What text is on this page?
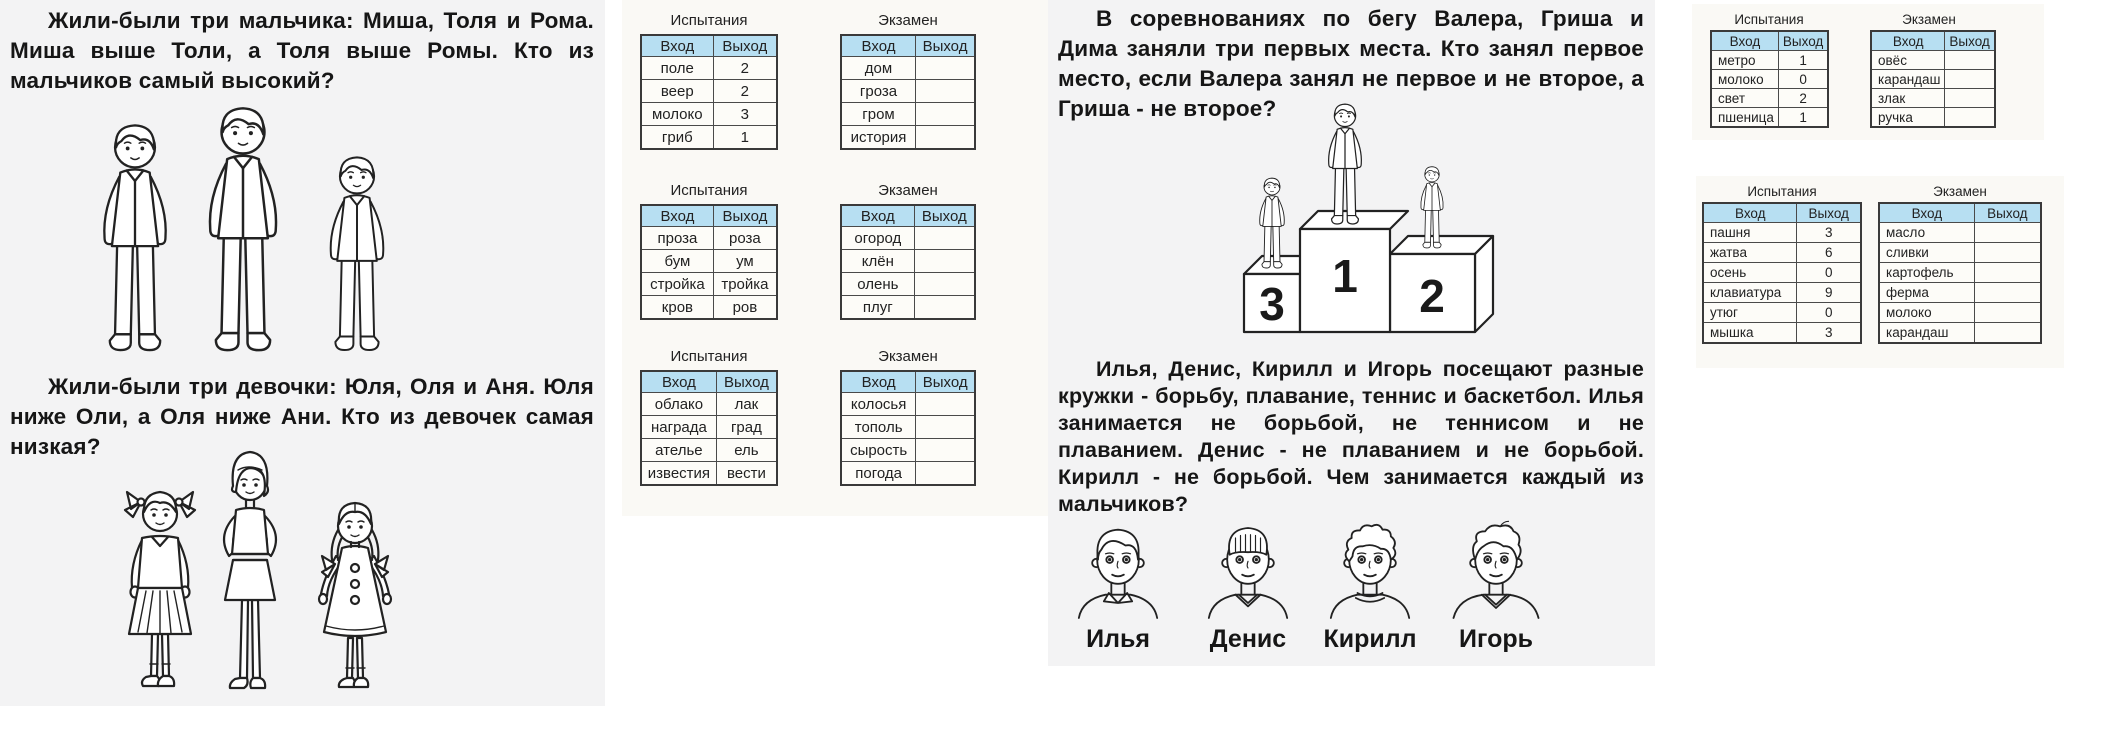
Жили-были три мальчика: Миша, Толя и Рома. Миша выше Толи, а Толя выше Ромы. Кто из мальчиков самый высокий?

Жили-были три девочки: Юля, Оля и Аня. Юля ниже Оли, а Оля ниже Ани. Кто из девочек самая низкая?

Испытания
Вход	Выход
поле	2
веер	2
молоко	3
гриб	1
Экзамен
Вход	Выход
дом	
гроза	
гром	
история	
Испытания
Вход	Выход
проза	роза
бум	ум
стройка	тройка
кров	ров
Экзамен
Вход	Выход
огород	
клён	
олень	
плуг	
Испытания
Вход	Выход
облако	лак
награда	град
ателье	ель
известия	вести
Экзамен
Вход	Выход
колосья	
тополь	
сырость	
погода	

В соревнованиях по бегу Валера, Гриша и Дима заняли три первых места. Кто занял первое место, если Валера занял не первое и не второе, а Гриша - не второе?

3
1 2

Илья, Денис, Кирилл и Игорь посещают разные кружки - борьбу, плавание, теннис и баскетбол. Илья занимается не борьбой, не теннисом и не плаванием. Денис - не плаванием и не борьбой. Кирилл - не борьбой. Чем занимается каждый из мальчиков?

Илья	Денис	Кирилл	Игорь
Испытания
Вход	Выход
метро	1
молоко	0
свет	2
пшеница	1
Экзамен
Вход	Выход
овёс	
карандаш	
злак	
ручка	
Испытания
Вход	Выход
пашня	3
жатва	6
осень	0
клавиатура	9
утюг	0
мышка	3
Экзамен
Вход	Выход
масло	
сливки	
картофель	
ферма	
молоко	
карандаш	
